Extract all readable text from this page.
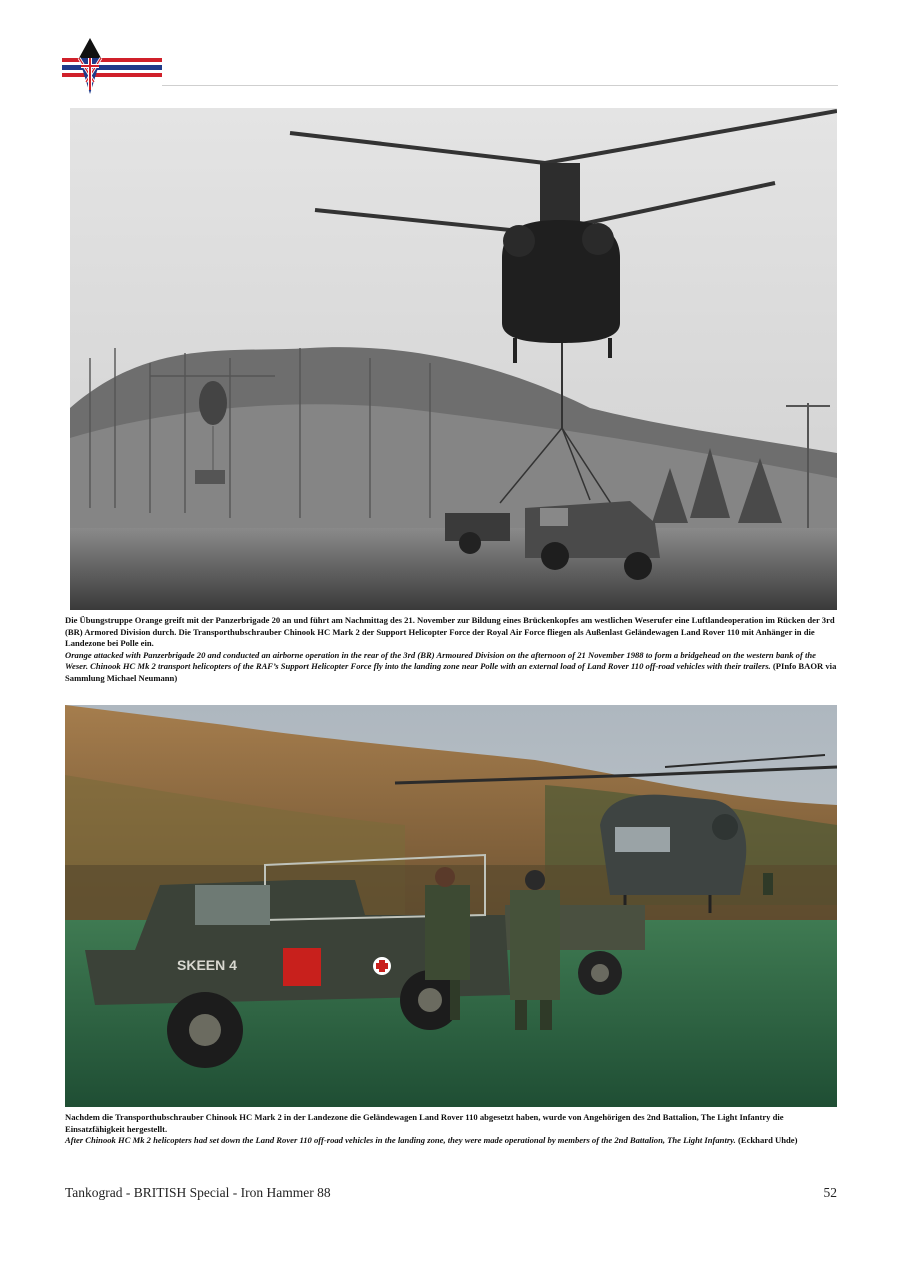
Die Übungstruppe Orange greift mit der Panzerbrigade 20 an und führt am Nachmittag des 21. November zur Bildung eines Brückenkopfes am westlichen Weserufer eine Luftlandeoperation im Rücken der 3rd (BR) Armored Division durch. Die Transporthubschrauber Chinook HC Mark 2 der Support Helicopter Force der Royal Air Force fliegen als Außenlast Geländewagen Land Rover 110 mit Anhänger in die Landezone bei Polle ein.

Orange attacked with Panzerbrigade 20 and conducted an airborne operation in the rear of the 3rd (BR) Armoured Division on the afternoon of 21 November 1988 to form a bridgehead on the western bank of the Weser. Chinook HC Mk 2 transport helicopters of the RAF’s Support Helicopter Force fly into the landing zone near Polle with an external load of Land Rover 110 off-road vehicles with their trailers. (PInfo BAOR via Sammlung Michael Neumann)

SKEEN 4

Nachdem die Transporthubschrauber Chinook HC Mark 2 in der Landezone die Geländewagen Land Rover 110 abgesetzt haben, wurde von Angehörigen des 2nd Battalion, The Light Infantry die Einsatzfähigkeit hergestellt.

After Chinook HC Mk 2 helicopters had set down the Land Rover 110 off-road vehicles in the landing zone, they were made operational by members of the 2nd Battalion, The Light Infantry. (Eckhard Uhde)

Tankograd - BRITISH Special - Iron Hammer 88	52
